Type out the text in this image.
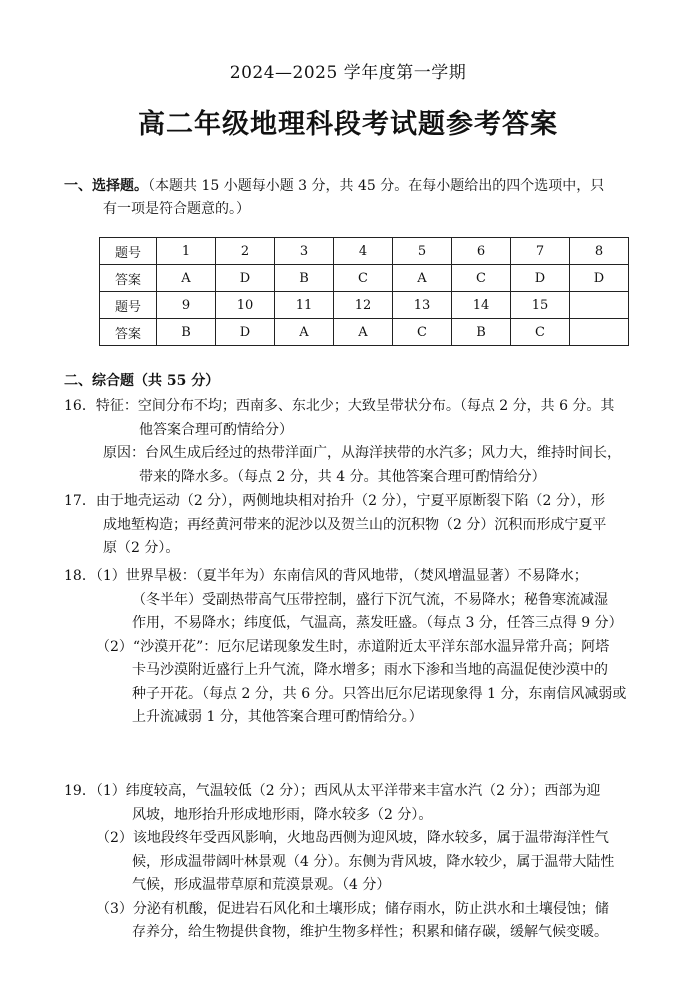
2024—2025 学年度第一学期
高二年级地理科段考试题参考答案
一、选择题。（本题共 15 小题每小题 3 分，共 45 分。在每小题给出的四个选项中，只
有一项是符合题意的。）
题号	1	2	3	4	5	6	7	8
答案	A	D	B	C	A	C	D	D
题号	9	10	11	12	13	14	15	
答案	B	D	A	A	C	B	C	
二、综合题（共 55 分）
16．特征：空间分布不均；西南多、东北少；大致呈带状分布。（每点 2 分，共 6 分。其
他答案合理可酌情给分）
原因：台风生成后经过的热带洋面广，从海洋挟带的水汽多；风力大，维持时间长，
带来的降水多。（每点 2 分，共 4 分。其他答案合理可酌情给分）
17．由于地壳运动（2 分），两侧地块相对抬升（2 分），宁夏平原断裂下陷（2 分），形
成地堑构造；再经黄河带来的泥沙以及贺兰山的沉积物（2 分）沉积而形成宁夏平
原（2 分）。
18．（1）世界旱极：（夏半年为）东南信风的背风地带，（焚风增温显著）不易降水；
（冬半年）受副热带高气压带控制，盛行下沉气流，不易降水；秘鲁寒流减湿
作用，不易降水；纬度低，气温高，蒸发旺盛。（每点 3 分，任答三点得 9 分）
（2）“沙漠开花”：厄尔尼诺现象发生时，赤道附近太平洋东部水温异常升高；阿塔
卡马沙漠附近盛行上升气流，降水增多；雨水下渗和当地的高温促使沙漠中的
种子开花。（每点 2 分，共 6 分。只答出厄尔尼诺现象得 1 分，东南信风减弱或
上升流减弱 1 分，其他答案合理可酌情给分。）
19．（1）纬度较高，气温较低（2 分）；西风从太平洋带来丰富水汽（2 分）；西部为迎
风坡，地形抬升形成地形雨，降水较多（2 分）。
（2）该地段终年受西风影响，火地岛西侧为迎风坡，降水较多，属于温带海洋性气
候，形成温带阔叶林景观（4 分）。东侧为背风坡，降水较少，属于温带大陆性
气候，形成温带草原和荒漠景观。（4 分）
（3）分泌有机酸，促进岩石风化和土壤形成；储存雨水，防止洪水和土壤侵蚀；储
存养分，给生物提供食物，维护生物多样性；积累和储存碳，缓解气候变暖。
